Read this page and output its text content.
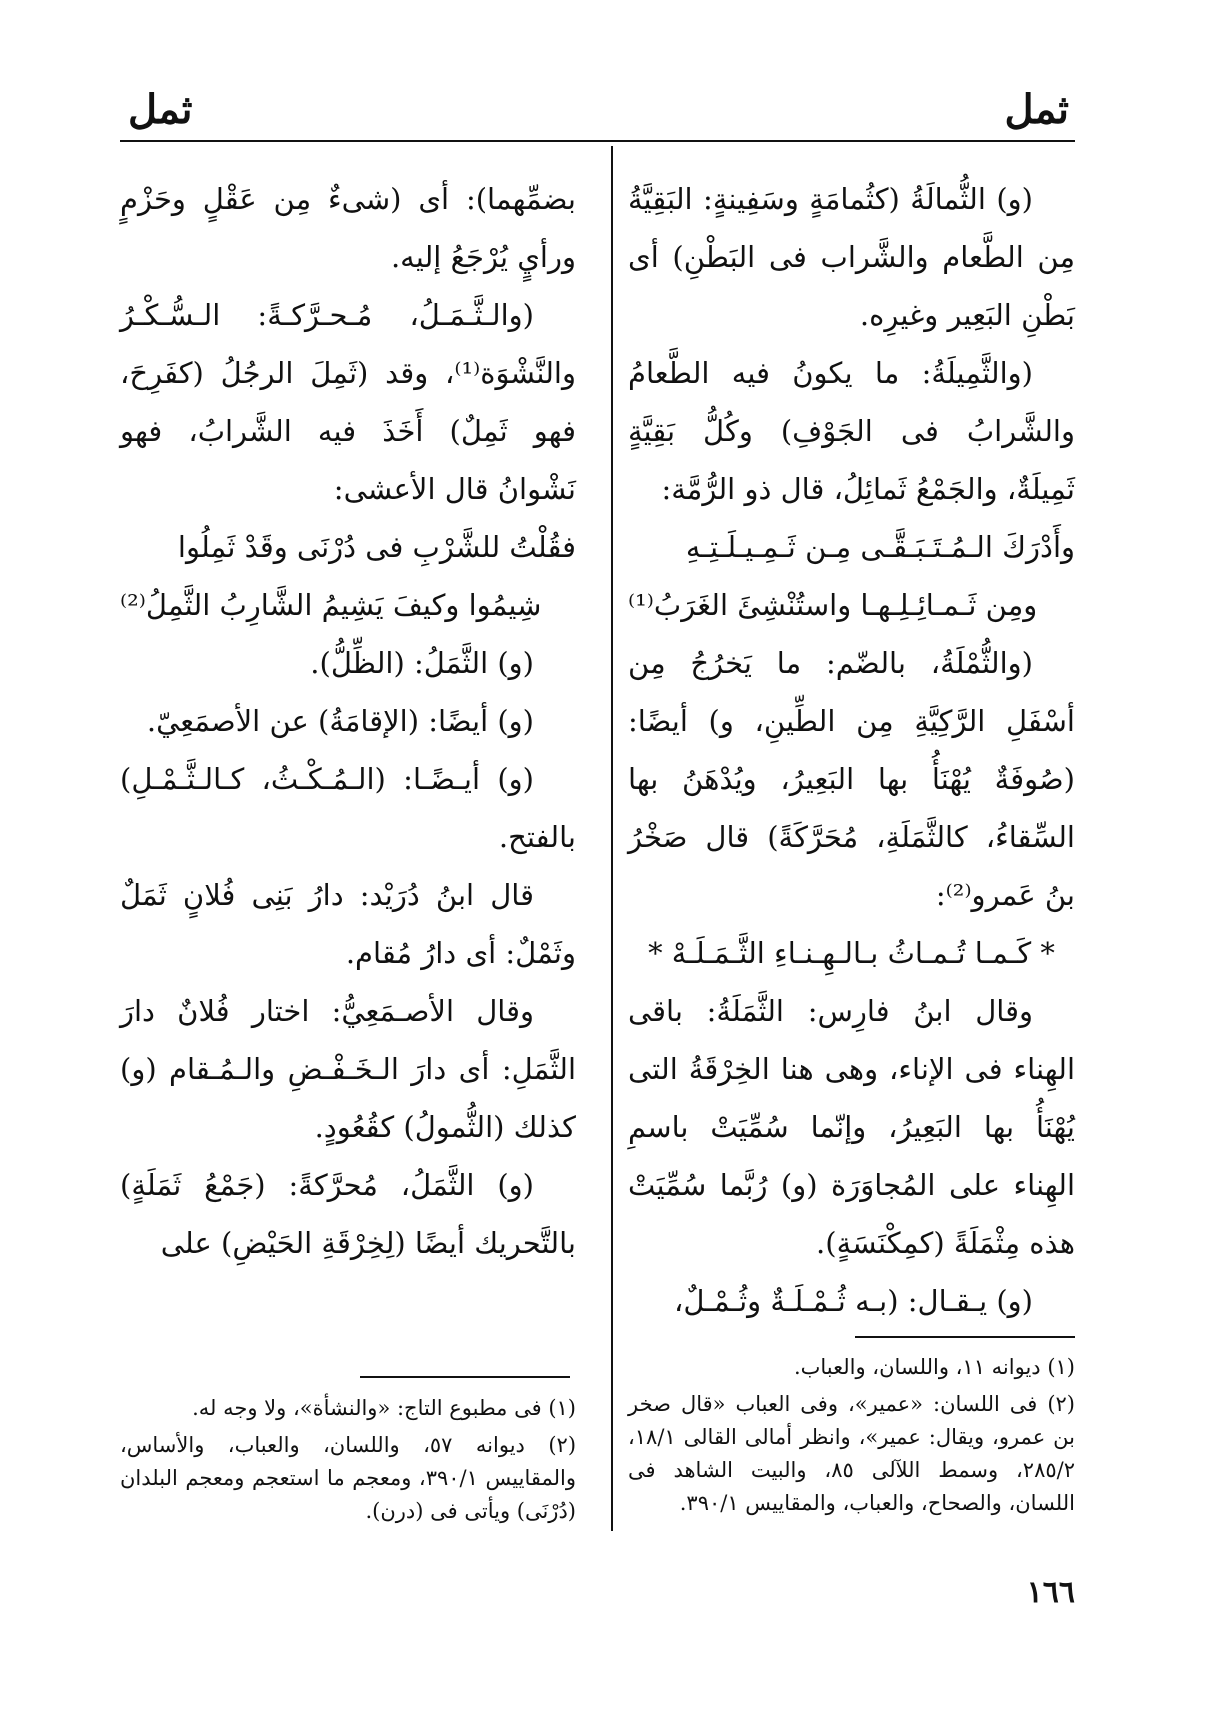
ثمل
ثمل

(و) الثُّمالَةُ (كثُمامَةٍ وسَفِينةٍ: البَقِيَّةُ مِن الطَّعام والشَّراب فى البَطْنِ) أى بَطْنِ البَعِير وغيرِه.

(والثَّمِيلَةُ: ما يكونُ فيه الطَّعامُ والشَّرابُ فى الجَوْفِ) وكُلُّ بَقِيَّةٍ ثَمِيلَةٌ، والجَمْعُ ثَمائِلُ، قال ذو الرُّمَّة:

وأَدْرَكَ الـمُـتَـبَـقَّـى مِـن ثَـمِـيـلَـتِـهِ

ومِن ثَـمـائِـلِـهـا واستُنْشِئَ الغَرَبُ⁽¹⁾

(والثُّمْلَةُ، بالضّم: ما يَخرُجُ مِن أسْفَلِ الرَّكِيَّةِ مِن الطِّينِ، و) أيضًا: (صُوفَةٌ يُهْنَأُ بها البَعِيرُ، ويُدْهَنُ بها السِّقاءُ، كالثَّمَلَةِ، مُحَرَّكَةً) قال صَخْرُ بنُ عَمرو⁽²⁾:

* كَـمـا تُـمـاثُ بـالـهِـنـاءِ الثَّـمَـلَـهْ *

وقال ابنُ فارِس: الثَّمَلَةُ: باقى الهِناء فى الإناء، وهى هنا الخِرْقَةُ التى يُهْنَأُ بها البَعِيرُ، وإنّما سُمِّيَتْ باسمِ الهِناء على المُجاوَرَة (و) رُبَّما سُمِّيَتْ هذه مِثْمَلَةً (كمِكْنَسَةٍ).

(و) يـقـال: (بـه ثُـمْـلَـةٌ وثُـمْـلٌ،

(١) ديوانه ١١، واللسان، والعباب.

(٢) فى اللسان: «عمير»، وفى العباب «قال صخر بن عمرو، ويقال: عمير»، وانظر أمالى القالى ١٨/١، ٢٨٥/٢، وسمط اللآلى ٨٥، والبيت الشاهد فى اللسان، والصحاح، والعباب، والمقاييس ٣٩٠/١.

بضمِّهما): أى (شىءٌ مِن عَقْلٍ وحَزْمٍ ورأيٍ يُرْجَعُ إليه.

(والـثَّـمَـلُ، مُـحـرَّكـةً: الـسُّـكْـرُ والنَّشْوَة⁽¹⁾، وقد (ثَمِلَ الرجُلُ (كفَرِحَ، فهو ثَمِلٌ) أَخَذَ فيه الشَّرابُ، فهو نَشْوانُ قال الأعشى:

فقُلْتُ للشَّرْبِ فى دُرْنَى وقَدْ ثَمِلُوا

شِيمُوا وكيفَ يَشِيمُ الشَّارِبُ الثَّمِلُ⁽²⁾

(و) الثَّمَلُ: (الظِّلُّ).

(و) أيضًا: (الإقامَةُ) عن الأصمَعِيّ.

(و) أيـضًـا: (الـمُـكْـثُ، كـالـثَّـمْـلِ) بالفتح.

قال ابنُ دُرَيْد: دارُ بَنِى فُلانٍ ثَمَلٌ وثَمْلٌ: أى دارُ مُقام.

وقال الأصـمَعِيُّ: اختار فُلانٌ دارَ الثَّمَلِ: أى دارَ الـخَـفْـضِ والـمُـقام (و) كذلك (الثُّمولُ) كقُعُودٍ.

(و) الثَّمَلُ، مُحرَّكةً: (جَمْعُ ثَمَلَةٍ) بالتَّحريك أيضًا (لِخِرْقَةِ الحَيْضِ) على

(١) فى مطبوع التاج: «والنشأة»، ولا وجه له.

(٢) ديوانه ٥٧، واللسان، والعباب، والأساس، والمقاييس ٣٩٠/١، ومعجم ما استعجم ومعجم البلدان (دُرْنَى) ويأتى فى (درن).

١٦٦
